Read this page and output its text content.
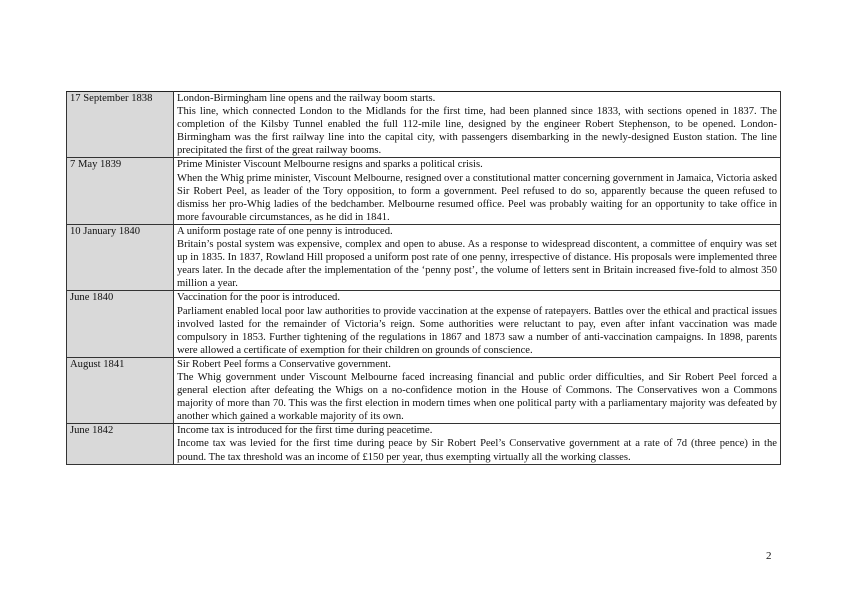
17 September 1838	London-Birmingham line opens and the railway boom starts.
This line, which connected London to the Midlands for the first time, had been planned since 1833, with sections opened in 1837. The completion of the Kilsby Tunnel enabled the full 112-mile line, designed by the engineer Robert Stephenson, to be opened. London-Birmingham was the first railway line into the capital city, with passengers disembarking in the newly-designed Euston station. The line precipitated the first of the great railway booms.

7 May 1839	Prime Minister Viscount Melbourne resigns and sparks a political crisis.
When the Whig prime minister, Viscount Melbourne, resigned over a constitutional matter concerning government in Jamaica, Victoria asked Sir Robert Peel, as leader of the Tory opposition, to form a government. Peel refused to do so, apparently because the queen refused to dismiss her pro-Whig ladies of the bedchamber. Melbourne resumed office. Peel was probably waiting for an opportunity to take office in more favourable circumstances, as he did in 1841.

10 January 1840	A uniform postage rate of one penny is introduced.
Britain’s postal system was expensive, complex and open to abuse. As a response to widespread discontent, a committee of enquiry was set up in 1835. In 1837, Rowland Hill proposed a uniform post rate of one penny, irrespective of distance. His proposals were implemented three years later. In the decade after the implementation of the ‘penny post’, the volume of letters sent in Britain increased five-fold to almost 350 million a year.

June 1840	Vaccination for the poor is introduced.
Parliament enabled local poor law authorities to provide vaccination at the expense of ratepayers. Battles over the ethical and practical issues involved lasted for the remainder of Victoria’s reign. Some authorities were reluctant to pay, even after infant vaccination was made compulsory in 1853. Further tightening of the regulations in 1867 and 1873 saw a number of anti-vaccination campaigns. In 1898, parents were allowed a certificate of exemption for their children on grounds of conscience.

August 1841	Sir Robert Peel forms a Conservative government.
The Whig government under Viscount Melbourne faced increasing financial and public order difficulties, and Sir Robert Peel forced a general election after defeating the Whigs on a no-confidence motion in the House of Commons. The Conservatives won a Commons majority of more than 70. This was the first election in modern times when one political party with a parliamentary majority was defeated by another which gained a workable majority of its own.

June 1842	Income tax is introduced for the first time during peacetime.
Income tax was levied for the first time during peace by Sir Robert Peel’s Conservative government at a rate of 7d (three pence) in the pound. The tax threshold was an income of £150 per year, thus exempting virtually all the working classes.
2
